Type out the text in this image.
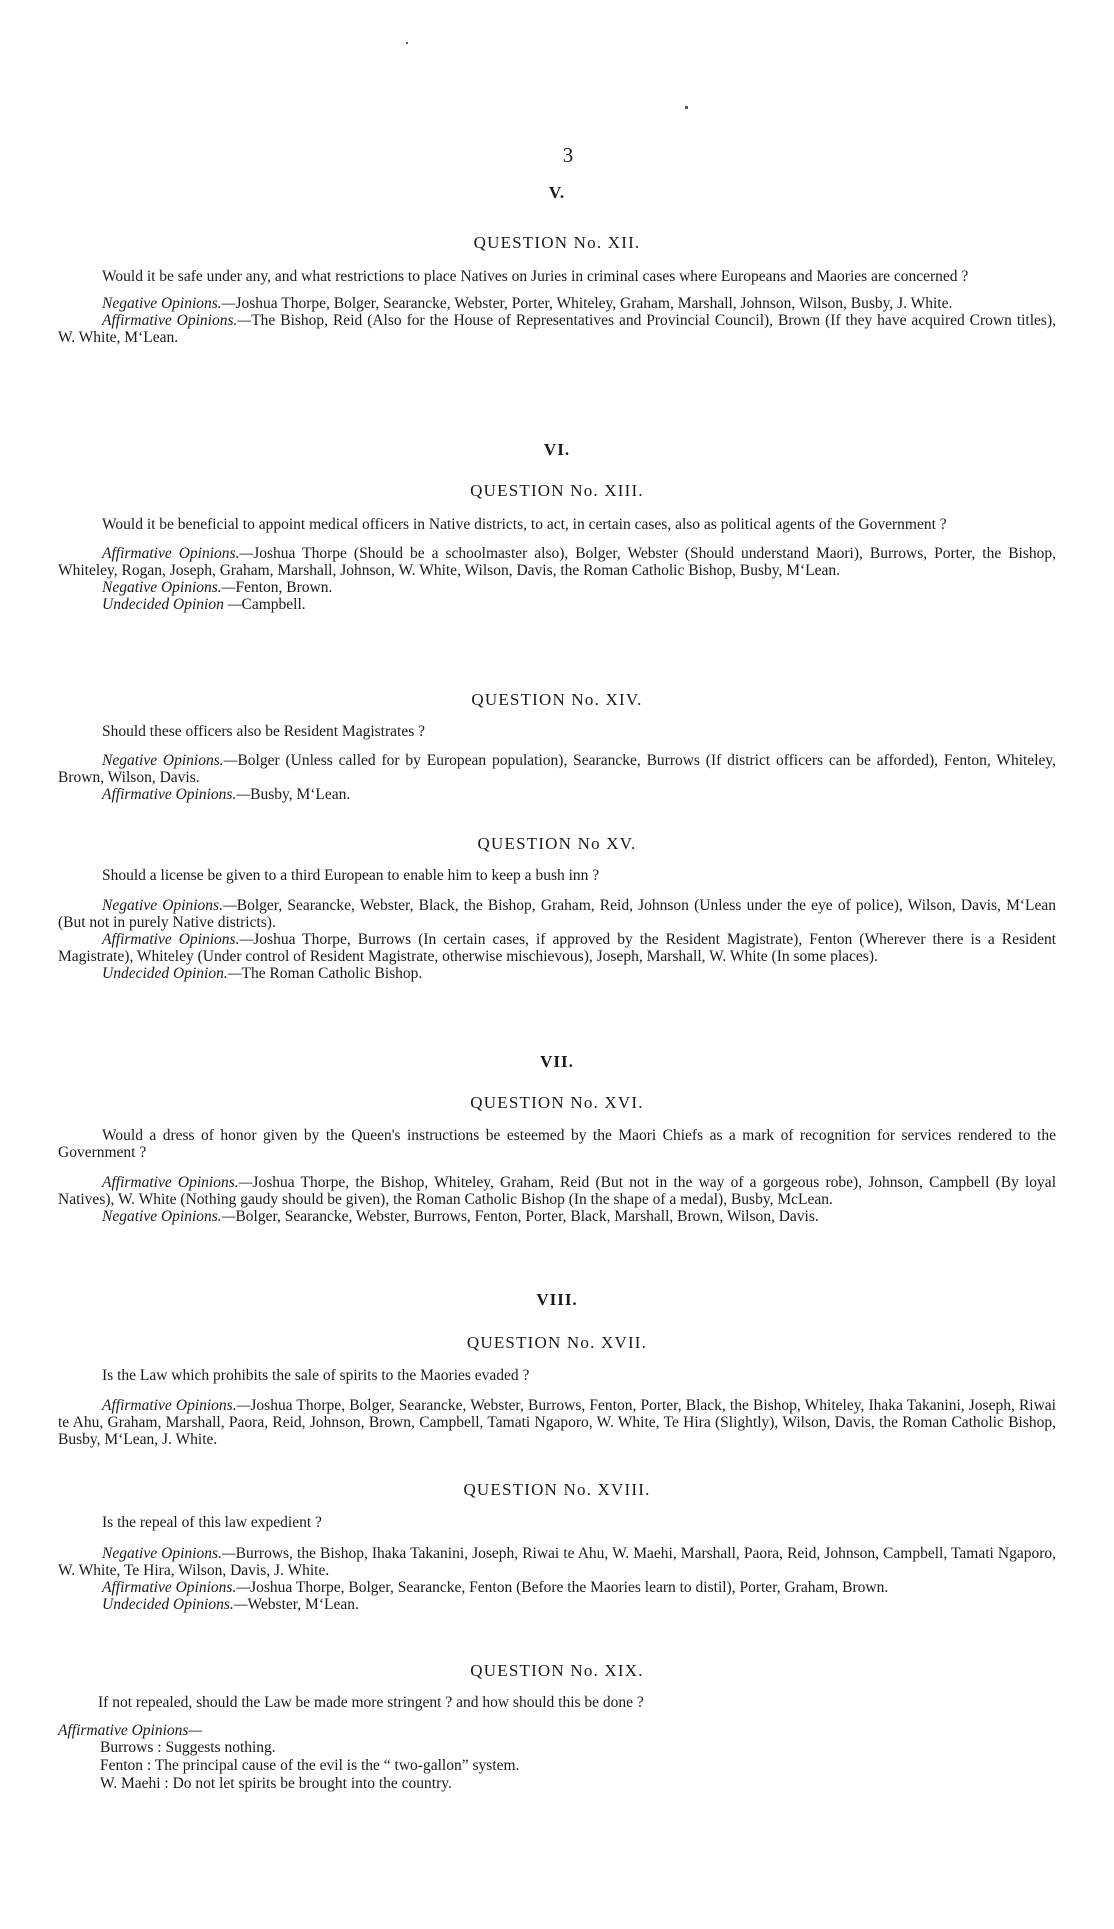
3
V.
QUESTION No. XII.

Would it be safe under any, and what restrictions to place Natives on Juries in criminal cases where Europeans and Maories are concerned ?

Negative Opinions.—Joshua Thorpe, Bolger, Searancke, Webster, Porter, Whiteley, Graham, Marshall, Johnson, Wilson, Busby, J. White.

Affirmative Opinions.—The Bishop, Reid (Also for the House of Representatives and Provincial Council), Brown (If they have acquired Crown titles), W. White, M‘Lean.

VI.
QUESTION No. XIII.

Would it be beneficial to appoint medical officers in Native districts, to act, in certain cases, also as political agents of the Government ?

Affirmative Opinions.—Joshua Thorpe (Should be a schoolmaster also), Bolger, Webster (Should understand Maori), Burrows, Porter, the Bishop, Whiteley, Rogan, Joseph, Graham, Marshall, Johnson, W. White, Wilson, Davis, the Roman Catholic Bishop, Busby, M‘Lean.

Negative Opinions.—Fenton, Brown.

Undecided Opinion —Campbell.

QUESTION No. XIV.

Should these officers also be Resident Magistrates ?

Negative Opinions.—Bolger (Unless called for by European population), Searancke, Burrows (If district officers can be afforded), Fenton, Whiteley, Brown, Wilson, Davis.

Affirmative Opinions.—Busby, M‘Lean.

QUESTION No XV.

Should a license be given to a third European to enable him to keep a bush inn ?

Negative Opinions.—Bolger, Searancke, Webster, Black, the Bishop, Graham, Reid, Johnson (Unless under the eye of police), Wilson, Davis, M‘Lean (But not in purely Native districts).

Affirmative Opinions.—Joshua Thorpe, Burrows (In certain cases, if approved by the Resident Magistrate), Fenton (Wherever there is a Resident Magistrate), Whiteley (Under control of Resident Magistrate, otherwise mischievous), Joseph, Marshall, W. White (In some places).

Undecided Opinion.—The Roman Catholic Bishop.

VII.
QUESTION No. XVI.

Would a dress of honor given by the Queen's instructions be esteemed by the Maori Chiefs as a mark of recognition for services rendered to the Government ?

Affirmative Opinions.—Joshua Thorpe, the Bishop, Whiteley, Graham, Reid (But not in the way of a gorgeous robe), Johnson, Campbell (By loyal Natives), W. White (Nothing gaudy should be given), the Roman Catholic Bishop (In the shape of a medal), Busby, McLean.

Negative Opinions.—Bolger, Searancke, Webster, Burrows, Fenton, Porter, Black, Marshall, Brown, Wilson, Davis.

VIII.
QUESTION No. XVII.

Is the Law which prohibits the sale of spirits to the Maories evaded ?

Affirmative Opinions.—Joshua Thorpe, Bolger, Searancke, Webster, Burrows, Fenton, Porter, Black, the Bishop, Whiteley, Ihaka Takanini, Joseph, Riwai te Ahu, Graham, Marshall, Paora, Reid, Johnson, Brown, Campbell, Tamati Ngaporo, W. White, Te Hira (Slightly), Wilson, Davis, the Roman Catholic Bishop, Busby, M‘Lean, J. White.

QUESTION No. XVIII.

Is the repeal of this law expedient ?

Negative Opinions.—Burrows, the Bishop, Ihaka Takanini, Joseph, Riwai te Ahu, W. Maehi, Marshall, Paora, Reid, Johnson, Campbell, Tamati Ngaporo, W. White, Te Hira, Wilson, Davis, J. White.

Affirmative Opinions.—Joshua Thorpe, Bolger, Searancke, Fenton (Before the Maories learn to distil), Porter, Graham, Brown.

Undecided Opinions.—Webster, M‘Lean.

QUESTION No. XIX.

If not repealed, should the Law be made more stringent ? and how should this be done ?

Affirmative Opinions—
Burrows : Suggests nothing.
Fenton : The principal cause of the evil is the “ two-gallon” system.
W. Maehi : Do not let spirits be brought into the country.
